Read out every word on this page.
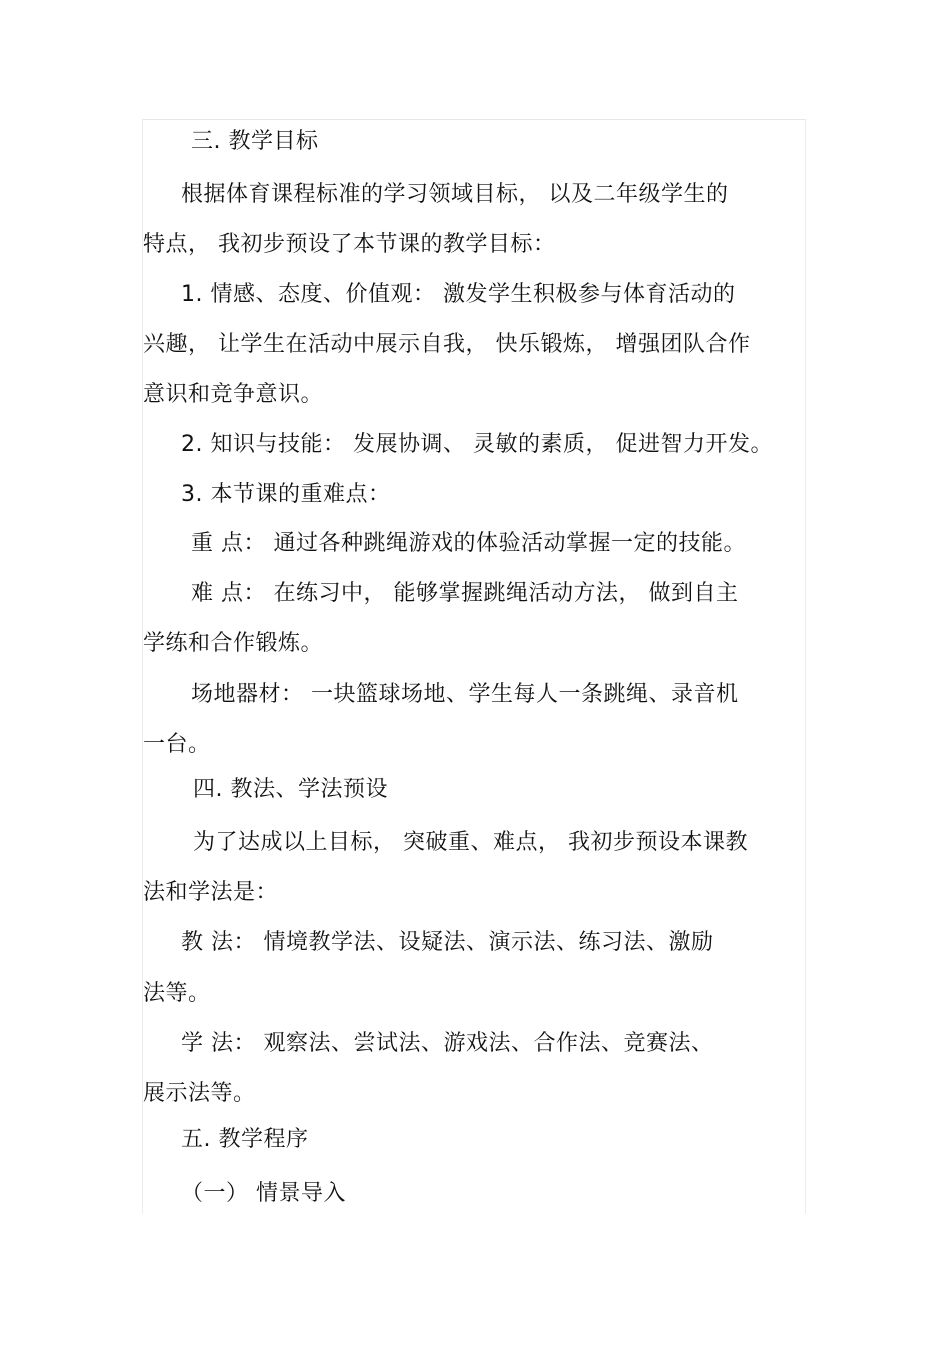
三. 教学目标
根据体育课程标准的学习领域目标， 以及二年级学生的
特点， 我初步预设了本节课的教学目标：
1. 情感、态度、价值观： 激发学生积极参与体育活动的
兴趣， 让学生在活动中展示自我， 快乐锻炼， 增强团队合作
意识和竞争意识。
2. 知识与技能： 发展协调、 灵敏的素质， 促进智力开发。
3. 本节课的重难点：
重 点： 通过各种跳绳游戏的体验活动掌握一定的技能。
难 点： 在练习中， 能够掌握跳绳活动方法， 做到自主
学练和合作锻炼。
场地器材： 一块篮球场地、学生每人一条跳绳、录音机
一台。
四. 教法、学法预设
为了达成以上目标， 突破重、难点， 我初步预设本课教
法和学法是：
教 法： 情境教学法、设疑法、演示法、练习法、激励
法等。
学 法： 观察法、尝试法、游戏法、合作法、竞赛法、
展示法等。
五. 教学程序
（一） 情景导入
